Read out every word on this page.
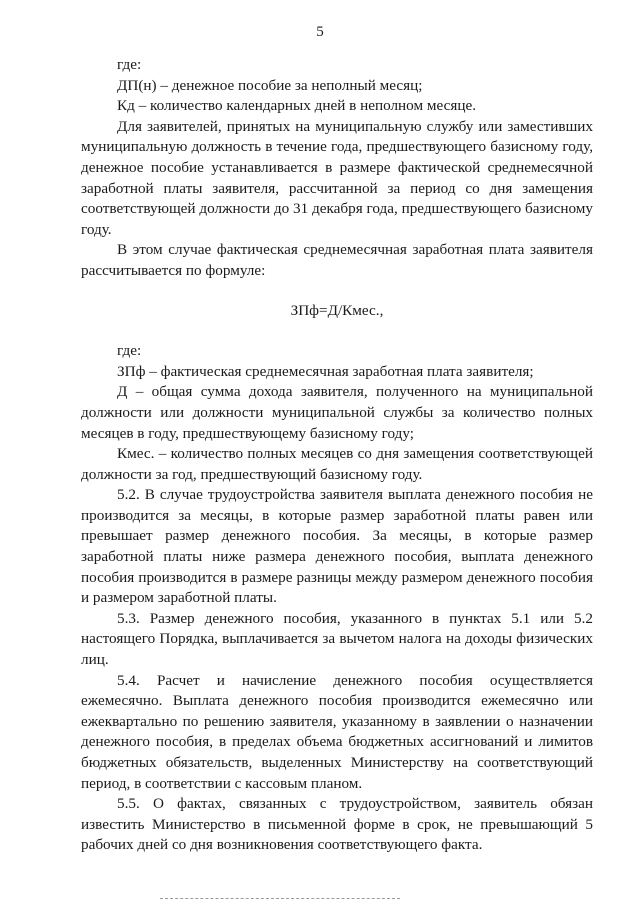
5

где:

ДП(н) – денежное пособие за неполный месяц;

Кд – количество календарных дней в неполном месяце.

Для заявителей, принятых на муниципальную службу или заместивших муниципальную должность в течение года, предшествующего базисному году, денежное пособие устанавливается в размере фактической среднемесячной заработной платы заявителя, рассчитанной за период со дня замещения соответствующей должности до 31 декабря года, предшествующего базисному году.

В этом случае фактическая среднемесячная заработная плата заявителя рассчитывается по формуле:

ЗПф=Д/Кмес.,

где:

ЗПф – фактическая среднемесячная заработная плата заявителя;

Д – общая сумма дохода заявителя, полученного на муниципальной должности или должности муниципальной службы за количество полных месяцев в году, предшествующему базисному году;

Кмес. – количество полных месяцев со дня замещения соответствующей должности за год, предшествующий базисному году.

5.2. В случае трудоустройства заявителя выплата денежного пособия не производится за месяцы, в которые размер заработной платы равен или превышает размер денежного пособия. За месяцы, в которые размер заработной платы ниже размера денежного пособия, выплата денежного пособия производится в размере разницы между размером денежного пособия и размером заработной платы.

5.3. Размер денежного пособия, указанного в пунктах 5.1 или 5.2 настоящего Порядка, выплачивается за вычетом налога на доходы физических лиц.

5.4. Расчет и начисление денежного пособия осуществляется ежемесячно. Выплата денежного пособия производится ежемесячно или ежеквартально по решению заявителя, указанному в заявлении о назначении денежного пособия, в пределах объема бюджетных ассигнований и лимитов бюджетных обязательств, выделенных Министерству на соответствующий период, в соответствии с кассовым планом.

5.5. О фактах, связанных с трудоустройством, заявитель обязан известить Министерство в письменной форме в срок, не превышающий 5 рабочих дней со дня возникновения соответствующего факта.
